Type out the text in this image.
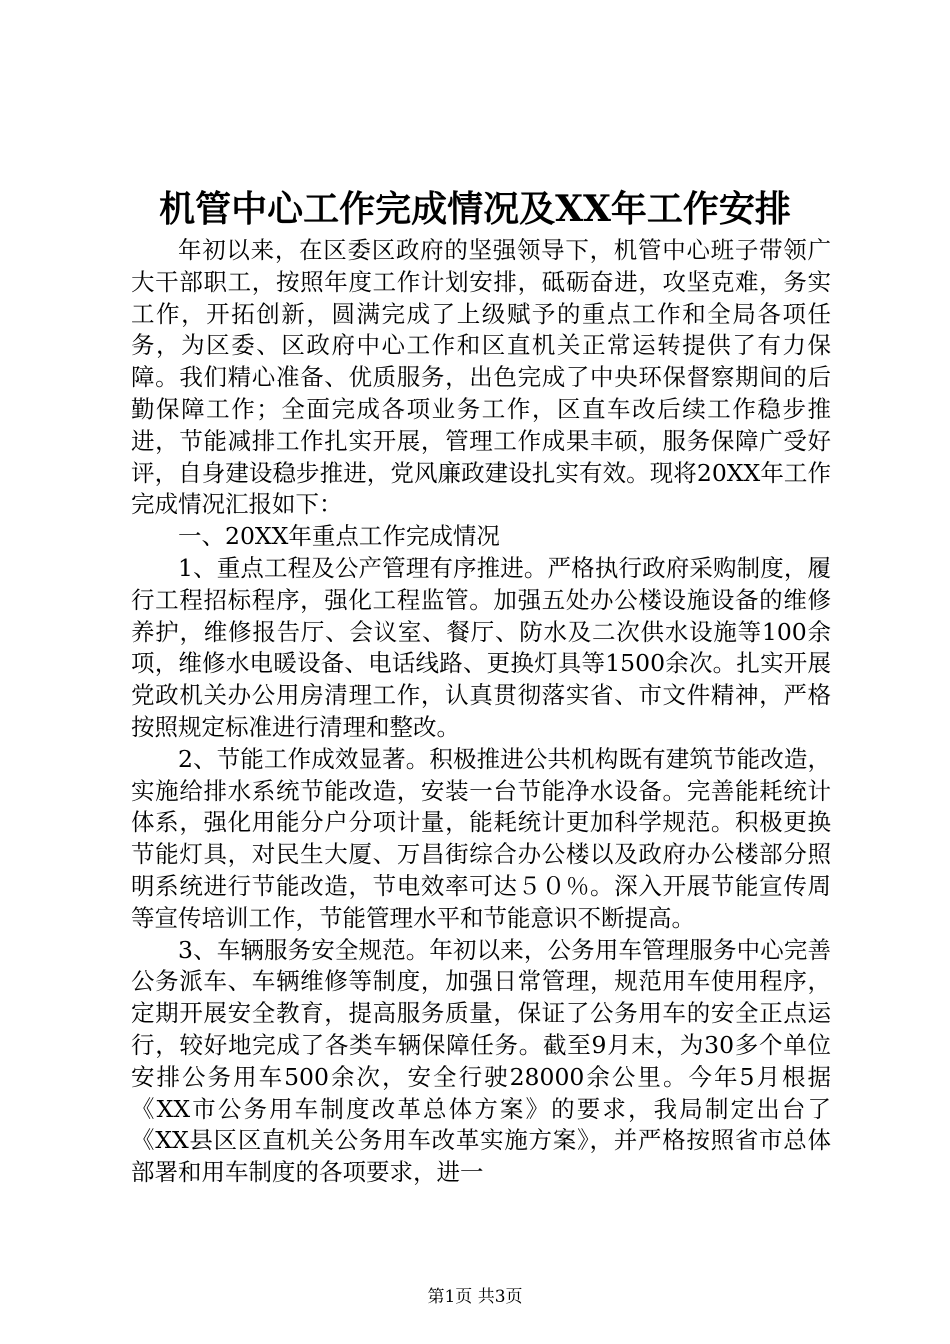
机管中心工作完成情况及XX年工作安排

年初以来，在区委区政府的坚强领导下，机管中心班子带领广大干部职工，按照年度工作计划安排，砥砺奋进，攻坚克难，务实工作，开拓创新，圆满完成了上级赋予的重点工作和全局各项任务，为区委、区政府中心工作和区直机关正常运转提供了有力保障。我们精心准备、优质服务，出色完成了中央环保督察期间的后勤保障工作；全面完成各项业务工作，区直车改后续工作稳步推进，节能减排工作扎实开展，管理工作成果丰硕，服务保障广受好评，自身建设稳步推进，党风廉政建设扎实有效。现将20XX年工作完成情况汇报如下：

一、20XX年重点工作完成情况

1、重点工程及公产管理有序推进。严格执行政府采购制度，履行工程招标程序，强化工程监管。加强五处办公楼设施设备的维修养护，维修报告厅、会议室、餐厅、防水及二次供水设施等100余项，维修水电暖设备、电话线路、更换灯具等1500余次。扎实开展党政机关办公用房清理工作，认真贯彻落实省、市文件精神，严格按照规定标准进行清理和整改。

2、节能工作成效显著。积极推进公共机构既有建筑节能改造，实施给排水系统节能改造，安装一台节能净水设备。完善能耗统计体系，强化用能分户分项计量，能耗统计更加科学规范。积极更换节能灯具，对民生大厦、万昌街综合办公楼以及政府办公楼部分照明系统进行节能改造，节电效率可达５０％。深入开展节能宣传周等宣传培训工作，节能管理水平和节能意识不断提高。

3、车辆服务安全规范。年初以来，公务用车管理服务中心完善公务派车、车辆维修等制度，加强日常管理，规范用车使用程序，定期开展安全教育，提高服务质量，保证了公务用车的安全正点运行，较好地完成了各类车辆保障任务。截至9月末，为30多个单位安排公务用车500余次，安全行驶28000余公里。今年5月根据《XX市公务用车制度改革总体方案》的要求，我局制定出台了《XX县区区直机关公务用车改革实施方案》，并严格按照省市总体部署和用车制度的各项要求，进一

第1页 共3页
